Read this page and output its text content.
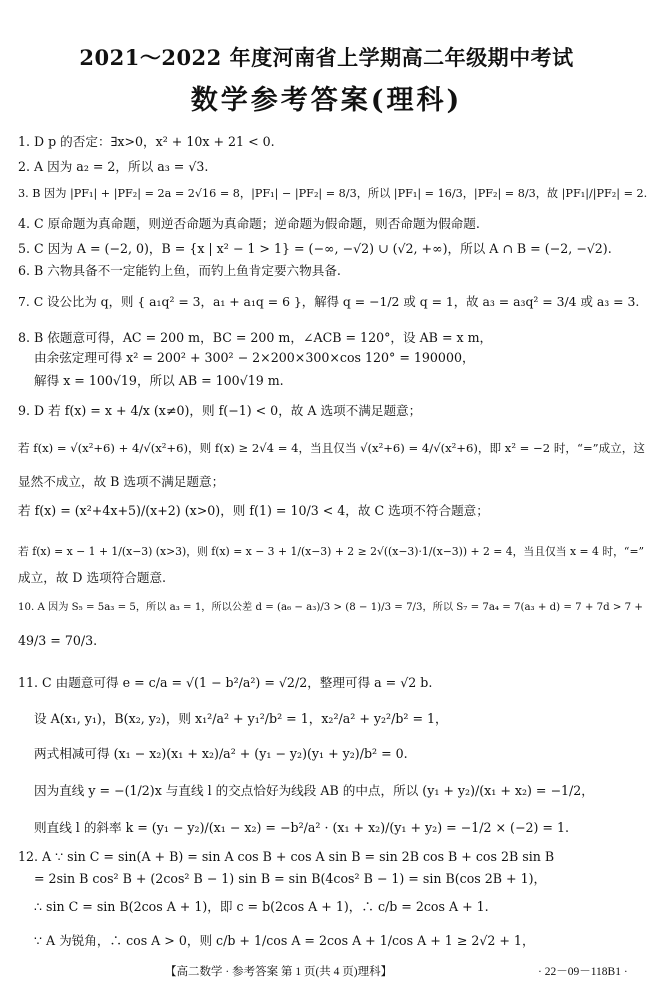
2021～2022 年度河南省上学期高二年级期中考试
数学参考答案(理科)
1. D p 的否定：∃x>0，x² + 10x + 21 < 0.
2. A 因为 a₂ = 2，所以 a₃ = √3.
3. B 因为 |PF₁| + |PF₂| = 2a = 2√16 = 8，|PF₁| − |PF₂| = 8/3，所以 |PF₁| = 16/3，|PF₂| = 8/3，故 |PF₁|/|PF₂| = 2.
4. C 原命题为真命题，则逆否命题为真命题；逆命题为假命题，则否命题为假命题.
5. C 因为 A = (−2, 0)，B = {x | x² − 1 > 1} = (−∞, −√2) ∪ (√2, +∞)，所以 A ∩ B = (−2, −√2).
6. B 六物具备不一定能钓上鱼，而钓上鱼肯定要六物具备.
7. C 设公比为 q，则 { a₁q² = 3，a₁ + a₁q = 6 }，解得 q = −1/2 或 q = 1，故 a₃ = a₃q² = 3/4 或 a₃ = 3.
8. B 依题意可得，AC = 200 m，BC = 200 m，∠ACB = 120°，设 AB = x m，
由余弦定理可得 x² = 200² + 300² − 2×200×300×cos 120° = 190000，
解得 x = 100√19，所以 AB = 100√19 m.
9. D 若 f(x) = x + 4/x (x≠0)，则 f(−1) < 0，故 A 选项不满足题意；
若 f(x) = √(x²+6) + 4/√(x²+6)，则 f(x) ≥ 2√4 = 4，当且仅当 √(x²+6) = 4/√(x²+6)，即 x² = −2 时，“=”成立，这
显然不成立，故 B 选项不满足题意；
若 f(x) = (x²+4x+5)/(x+2) (x>0)，则 f(1) = 10/3 < 4，故 C 选项不符合题意；
若 f(x) = x − 1 + 1/(x−3) (x>3)，则 f(x) = x − 3 + 1/(x−3) + 2 ≥ 2√((x−3)·1/(x−3)) + 2 = 4，当且仅当 x = 4 时，“=”
成立，故 D 选项符合题意.
10. A 因为 S₅ = 5a₃ = 5，所以 a₃ = 1，所以公差 d = (a₆ − a₃)/3 > (8 − 1)/3 = 7/3，所以 S₇ = 7a₄ = 7(a₃ + d) = 7 + 7d > 7 +
49/3 = 70/3.
11. C 由题意可得 e = c/a = √(1 − b²/a²) = √2/2，整理可得 a = √2 b.
设 A(x₁, y₁)，B(x₂, y₂)，则 x₁²/a² + y₁²/b² = 1，x₂²/a² + y₂²/b² = 1，
两式相减可得 (x₁ − x₂)(x₁ + x₂)/a² + (y₁ − y₂)(y₁ + y₂)/b² = 0.
因为直线 y = −(1/2)x 与直线 l 的交点恰好为线段 AB 的中点，所以 (y₁ + y₂)/(x₁ + x₂) = −1/2，
则直线 l 的斜率 k = (y₁ − y₂)/(x₁ − x₂) = −b²/a² · (x₁ + x₂)/(y₁ + y₂) = −1/2 × (−2) = 1.
12. A ∵ sin C = sin(A + B) = sin A cos B + cos A sin B = sin 2B cos B + cos 2B sin B
= 2sin B cos² B + (2cos² B − 1) sin B = sin B(4cos² B − 1) = sin B(cos 2B + 1)，
∴ sin C = sin B(2cos A + 1)，即 c = b(2cos A + 1)，∴ c/b = 2cos A + 1.
∵ A 为锐角，∴ cos A > 0，则 c/b + 1/cos A = 2cos A + 1/cos A + 1 ≥ 2√2 + 1，
【高二数学 · 参考答案 第 1 页(共 4 页)理科】	· 22－09－118B1 ·
